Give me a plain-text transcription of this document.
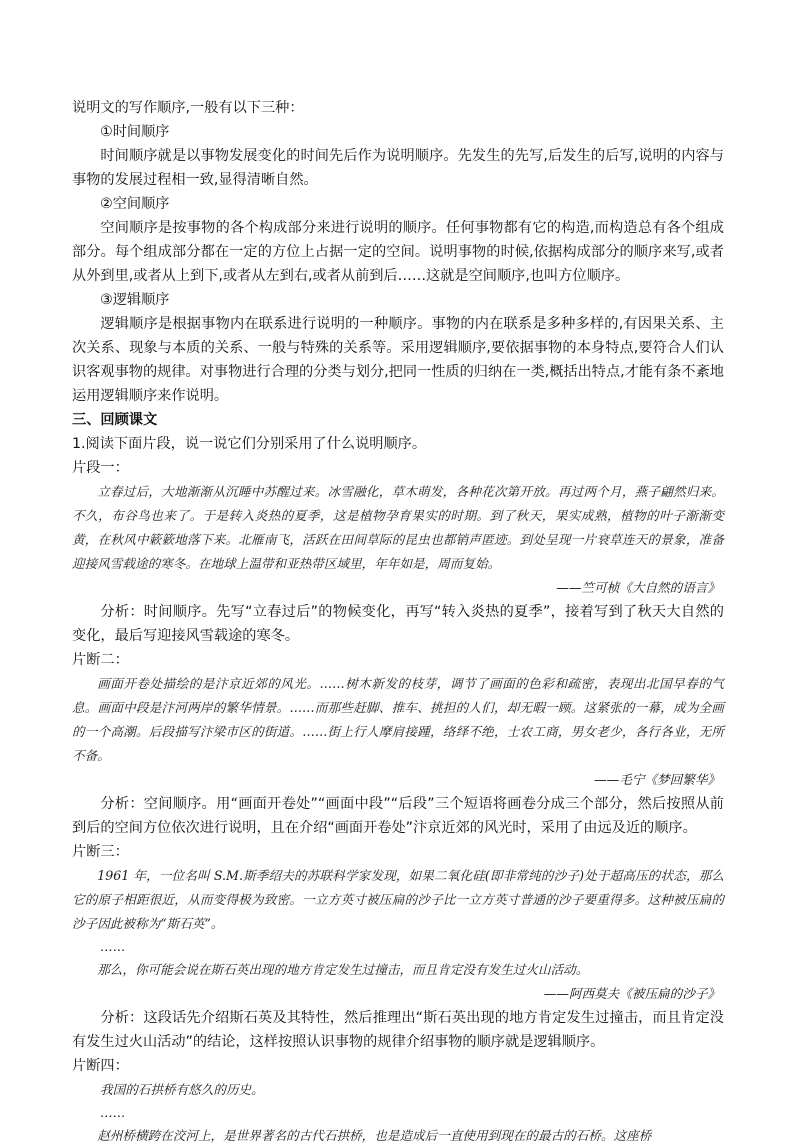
说明文的写作顺序,一般有以下三种：
①时间顺序

时间顺序就是以事物发展变化的时间先后作为说明顺序。先发生的先写,后发生的后写,说明的内容与事物的发展过程相一致,显得清晰自然。

②空间顺序

空间顺序是按事物的各个构成部分来进行说明的顺序。任何事物都有它的构造,而构造总有各个组成部分。每个组成部分都在一定的方位上占据一定的空间。说明事物的时候,依据构成部分的顺序来写,或者从外到里,或者从上到下,或者从左到右,或者从前到后……这就是空间顺序,也叫方位顺序。

③逻辑顺序

逻辑顺序是根据事物内在联系进行说明的一种顺序。事物的内在联系是多种多样的,有因果关系、主次关系、现象与本质的关系、一般与特殊的关系等。采用逻辑顺序,要依据事物的本身特点,要符合人们认识客观事物的规律。对事物进行合理的分类与划分,把同一性质的归纳在一类,概括出特点,才能有条不紊地运用逻辑顺序来作说明。

三、回顾课文
1.阅读下面片段，说一说它们分别采用了什么说明顺序。
片段一：

立春过后，大地渐渐从沉睡中苏醒过来。冰雪融化，草木萌发，各种花次第开放。再过两个月，燕子翩然归来。不久，布谷鸟也来了。于是转入炎热的夏季，这是植物孕育果实的时期。到了秋天，果实成熟，植物的叶子渐渐变黄，在秋风中簌簌地落下来。北雁南飞，活跃在田间草际的昆虫也都销声匿迹。到处呈现一片衰草连天的景象，准备迎接风雪载途的寒冬。在地球上温带和亚热带区域里，年年如是，周而复始。

——竺可桢《大自然的语言》

分析：时间顺序。先写“立春过后”的物候变化，再写“转入炎热的夏季”，接着写到了秋天大自然的变化，最后写迎接风雪载途的寒冬。

片断二：

画面开卷处描绘的是汴京近郊的风光。……树木新发的枝芽，调节了画面的色彩和疏密，表现出北国早春的气息。画面中段是汴河两岸的繁华情景。……而那些赶脚、推车、挑担的人们，却无暇一顾。这紧张的一幕，成为全画的一个高潮。后段描写汴梁市区的街道。……街上行人摩肩接踵，络绎不绝，士农工商，男女老少，各行各业，无所不备。

——毛宁《梦回繁华》

分析：空间顺序。用“画面开卷处”“画面中段”“后段”三个短语将画卷分成三个部分，然后按照从前到后的空间方位依次进行说明，且在介绍“画面开卷处”汴京近郊的风光时，采用了由远及近的顺序。

片断三：

1961 年，一位名叫 S.M.斯季绍夫的苏联科学家发现，如果二氧化硅(即非常纯的沙子)处于超高压的状态，那么它的原子相距很近，从而变得极为致密。一立方英寸被压扁的沙子比一立方英寸普通的沙子要重得多。这种被压扁的沙子因此被称为“斯石英”。

……

那么，你可能会说在斯石英出现的地方肯定发生过撞击，而且肯定没有发生过火山活动。

——阿西莫夫《被压扁的沙子》

分析：这段话先介绍斯石英及其特性，然后推理出“斯石英出现的地方肯定发生过撞击，而且肯定没有发生过火山活动”的结论，这样按照认识事物的规律介绍事物的顺序就是逻辑顺序。

片断四：

我国的石拱桥有悠久的历史。

……

赵州桥横跨在洨河上，是世界著名的古代石拱桥，也是造成后一直使用到现在的最古的石桥。这座桥
